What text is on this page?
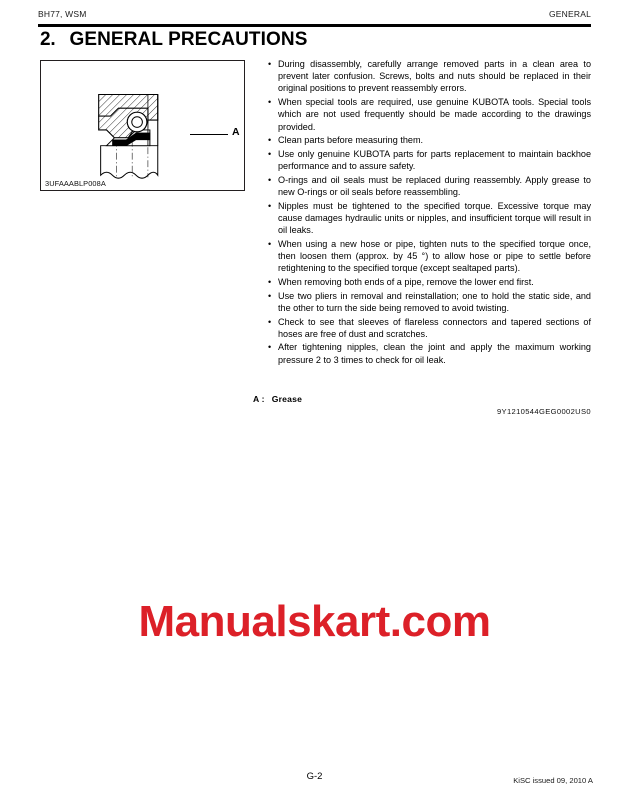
BH77, WSM	GENERAL
2. GENERAL PRECAUTIONS
3UFAAABLP008A
A
• During disassembly, carefully arrange removed parts in a clean area to prevent later confusion. Screws, bolts and nuts should be replaced in their original positions to prevent reassembly errors.
• When special tools are required, use genuine KUBOTA tools. Special tools which are not used frequently should be made according to the drawings provided.
• Clean parts before measuring them.
• Use only genuine KUBOTA parts for parts replacement to maintain backhoe performance and to assure safety.
• O-rings and oil seals must be replaced during reassembly. Apply grease to new O-rings or oil seals before reassembling.
• Nipples must be tightened to the specified torque. Excessive torque may cause damages hydraulic units or nipples, and insufficient torque will result in oil leaks.
• When using a new hose or pipe, tighten nuts to the specified torque once, then loosen them (approx. by 45 °) to allow hose or pipe to settle before retightening to the specified torque (except sealtaped parts).
• When removing both ends of a pipe, remove the lower end first.
• Use two pliers in removal and reinstallation; one to hold the static side, and the other to turn the side being removed to avoid twisting.
• Check to see that sleeves of flareless connectors and tapered sections of hoses are free of dust and scratches.
• After tightening nipples, clean the joint and apply the maximum working pressure 2 to 3 times to check for oil leak.
A : Grease
9Y1210544GEG0002US0
Manualskart.com
G-2	KiSC issued 09, 2010 A
